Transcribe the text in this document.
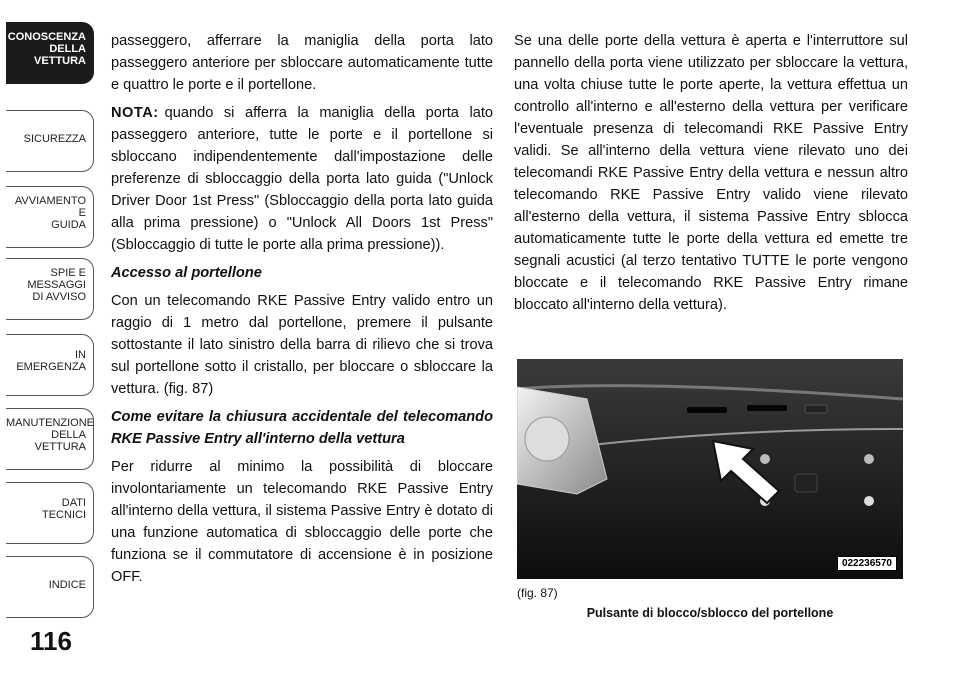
CONOSCENZA
DELLA
VETTURA
SICUREZZA
AVVIAMENTO
E
GUIDA
SPIE E
MESSAGGI
DI AVVISO
IN
EMERGENZA
MANUTENZIONE
DELLA
VETTURA
DATI
TECNICI
INDICE
116

passeggero, afferrare la maniglia della porta lato passeggero anteriore per sbloccare automaticamente tutte e quattro le porte e il portellone.

NOTA: quando si afferra la maniglia della porta lato passeggero anteriore, tutte le porte e il portellone si sbloccano indipendentemente dall'impostazione delle preferenze di sbloccaggio della porta lato guida ("Unlock Driver Door 1st Press" (Sbloccaggio della porta lato guida alla prima pressione) o "Unlock All Doors 1st Press" (Sbloccaggio di tutte le porte alla prima pressione)).

Accesso al portellone

Con un telecomando RKE Passive Entry valido entro un raggio di 1 metro dal portellone, premere il pulsante sottostante il lato sinistro della barra di rilievo che si trova sul portellone sotto il cristallo, per bloccare o sbloccare la vettura. (fig. 87)

Come evitare la chiusura accidentale del telecomando RKE Passive Entry all'interno della vettura

Per ridurre al minimo la possibilità di bloccare involontariamente un telecomando RKE Passive Entry all'interno della vettura, il sistema Passive Entry è dotato di una funzione automatica di sbloccaggio delle porte che funziona se il commutatore di accensione è in posizione OFF.

Se una delle porte della vettura è aperta e l'interruttore sul pannello della porta viene utilizzato per sbloccare la vettura, una volta chiuse tutte le porte aperte, la vettura effettua un controllo all'interno e all'esterno della vettura per verificare l'eventuale presenza di telecomandi RKE Passive Entry validi. Se all'interno della vettura viene rilevato uno dei telecomandi RKE Passive Entry della vettura e nessun altro telecomando RKE Passive Entry valido viene rilevato all'esterno della vettura, il sistema Passive Entry sblocca automaticamente tutte le porte della vettura ed emette tre segnali acustici (al terzo tentativo TUTTE le porte vengono bloccate e il telecomando RKE Passive Entry rimane bloccato all'interno della vettura).

022236570
(fig. 87)
Pulsante di blocco/sblocco del portellone
